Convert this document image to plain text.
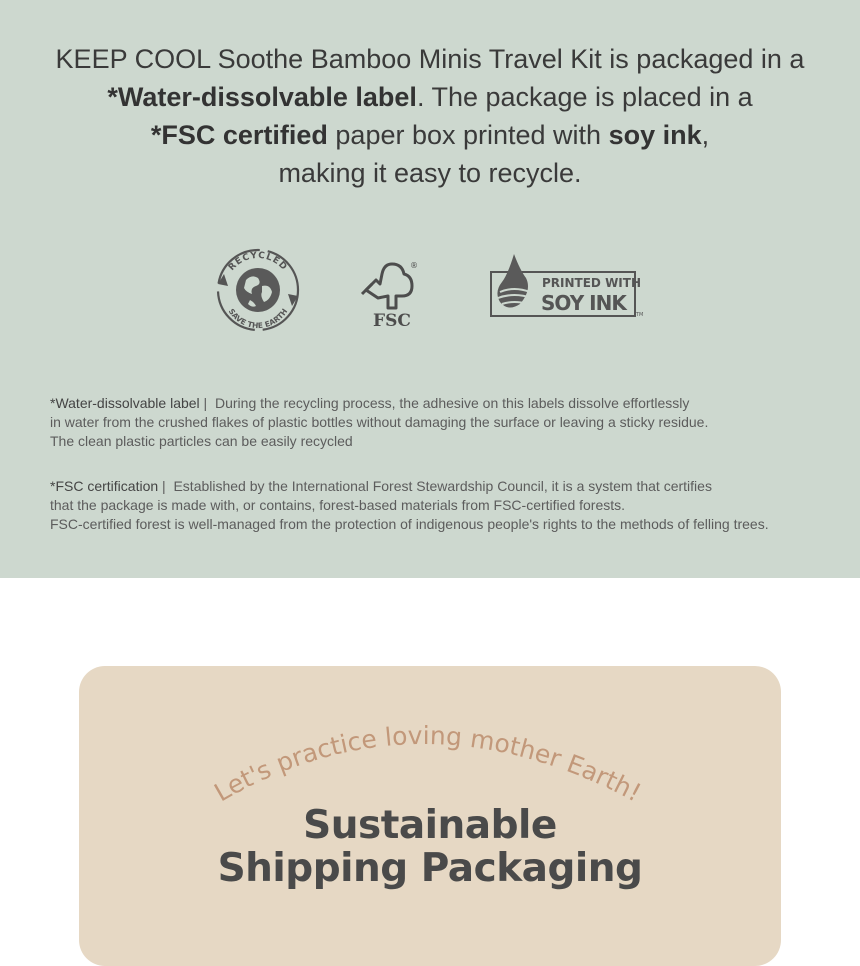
KEEP COOL Soothe Bamboo Minis Travel Kit is packaged in a
*Water-dissolvable label. The package is placed in a
*FSC certified paper box printed with soy ink,
making it easy to recycle.
RECYCLED
SAVE THE EARTH
®
FSC
PRINTED WITH
SOY INK	TM
*Water-dissolvable label |  During the recycling process, the adhesive on this labels dissolve effortlessly
in water from the crushed flakes of plastic bottles without damaging the surface or leaving a sticky residue.
The clean plastic particles can be easily recycled
*FSC certification |  Established by the International Forest Stewardship Council, it is a system that certifies
that the package is made with, or contains, forest-based materials from FSC-certified forests.
FSC-certified forest is well-managed from the protection of indigenous people's rights to the methods of felling trees.
Let's practice loving mother Earth!
Sustainable
Shipping Packaging
